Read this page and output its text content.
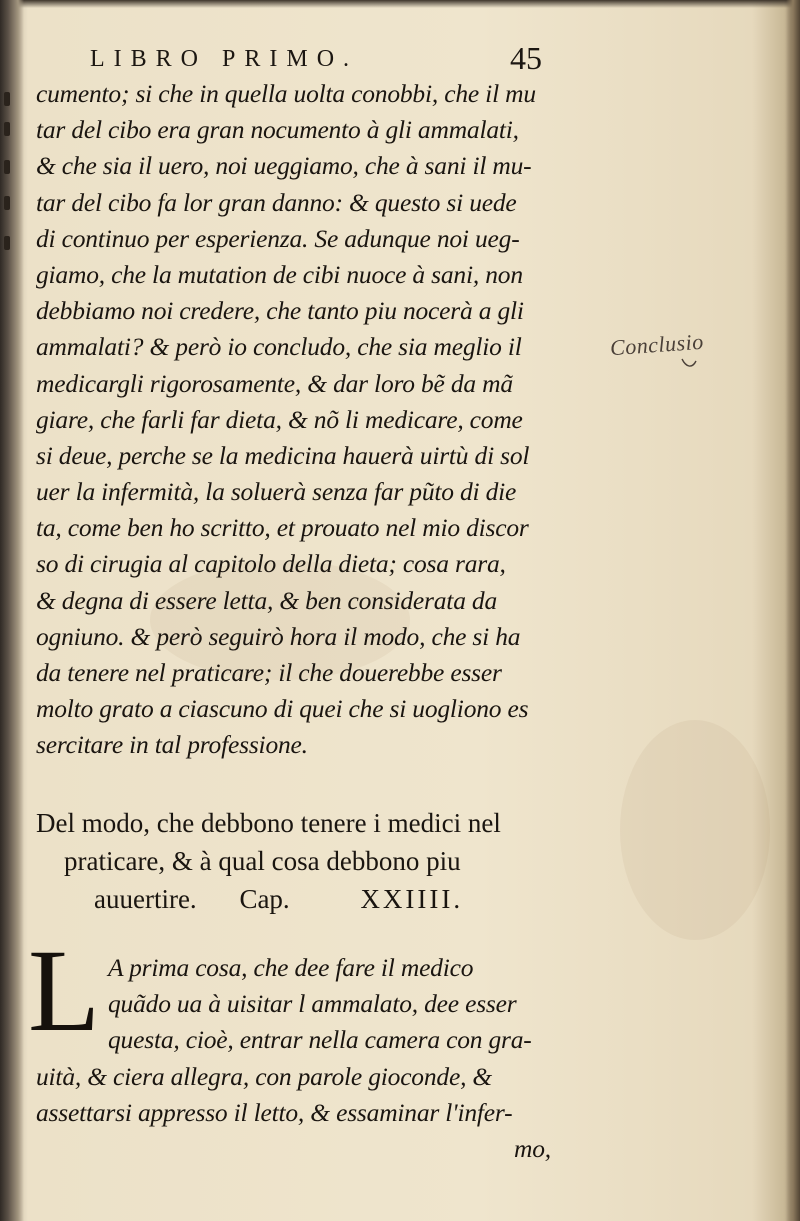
LIBRO PRIMO.	45
cumento; si che in quella uolta conobbi, che il mu
tar del cibo era gran nocumento à gli ammalati,
& che sia il uero, noi ueggiamo, che à sani il mu-
tar del cibo fa lor gran danno: & questo si uede
di continuo per esperienza. Se adunque noi ueg-
giamo, che la mutation de cibi nuoce à sani, non
debbiamo noi credere, che tanto piu nocerà a gli
ammalati? & però io concludo, che sia meglio il
medicargli rigorosamente, & dar loro bẽ da mã
giare, che farli far dieta, & nõ li medicare, come
si deue, perche se la medicina hauerà uirtù di sol
uer la infermità, la soluerà senza far pũto di die
ta, come ben ho scritto, et prouato nel mio discor
so di cirugia al capitolo della dieta; cosa rara,
& degna di essere letta, & ben considerata da
ogniuno. & però seguirò hora il modo, che si ha
da tenere nel praticare; il che douerebbe esser
molto grato a ciascuno di quei che si uogliono es
sercitare in tal professione.
Conclusio
Del modo, che debbono tenere i medici nel
praticare, & à qual cosa debbono piu
auuertire. Cap.	XXIIII.
L A prima cosa, che dee fare il medico
quãdo ua à uisitar l ammalato, dee esser
questa, cioè, entrar nella camera con gra-
uità, & ciera allegra, con parole gioconde, &
assettarsi appresso il letto, & essaminar l'infer-
mo,
